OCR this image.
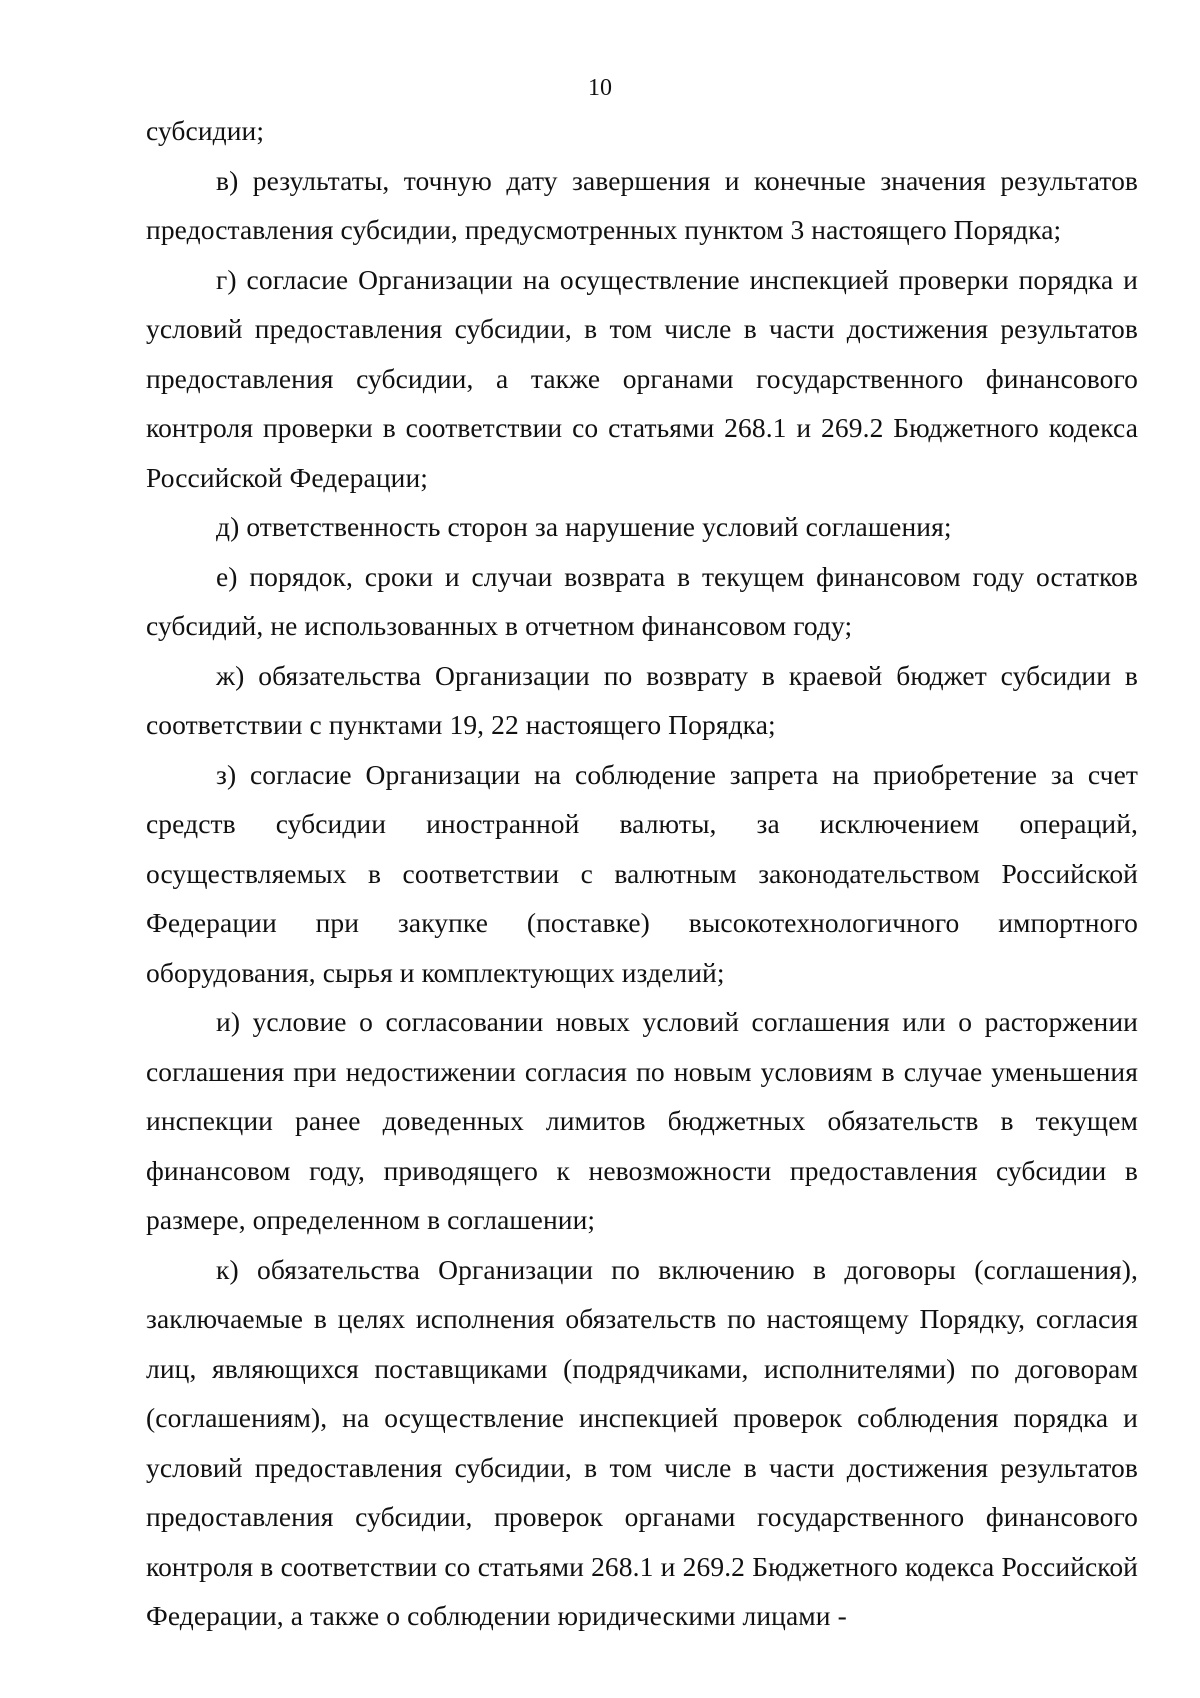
10

субсидии;

в) результаты, точную дату завершения и конечные значения результатов предоставления субсидии, предусмотренных пунктом 3 настоящего Порядка;

г) согласие Организации на осуществление инспекцией проверки порядка и условий предоставления субсидии, в том числе в части достижения результатов предоставления субсидии, а также органами государственного финансового контроля проверки в соответствии со статьями 268.1 и 269.2 Бюджетного кодекса Российской Федерации;

д) ответственность сторон за нарушение условий соглашения;

е) порядок, сроки и случаи возврата в текущем финансовом году остатков субсидий, не использованных в отчетном финансовом году;

ж) обязательства Организации по возврату в краевой бюджет субсидии в соответствии с пунктами 19, 22 настоящего Порядка;

з) согласие Организации на соблюдение запрета на приобретение за счет средств субсидии иностранной валюты, за исключением операций, осуществляемых в соответствии с валютным законодательством Российской Федерации при закупке (поставке) высокотехнологичного импортного оборудования, сырья и комплектующих изделий;

и) условие о согласовании новых условий соглашения или о расторжении соглашения при недостижении согласия по новым условиям в случае уменьшения инспекции ранее доведенных лимитов бюджетных обязательств в текущем финансовом году, приводящего к невозможности предоставления субсидии в размере, определенном в соглашении;

к) обязательства Организации по включению в договоры (соглашения), заключаемые в целях исполнения обязательств по настоящему Порядку, согласия лиц, являющихся поставщиками (подрядчиками, исполнителями) по договорам (соглашениям), на осуществление инспекцией проверок соблюдения порядка и условий предоставления субсидии, в том числе в части достижения результатов предоставления субсидии, проверок органами государственного финансового контроля в соответствии со статьями 268.1 и 269.2 Бюджетного кодекса Российской Федерации, а также о соблюдении юридическими лицами -
